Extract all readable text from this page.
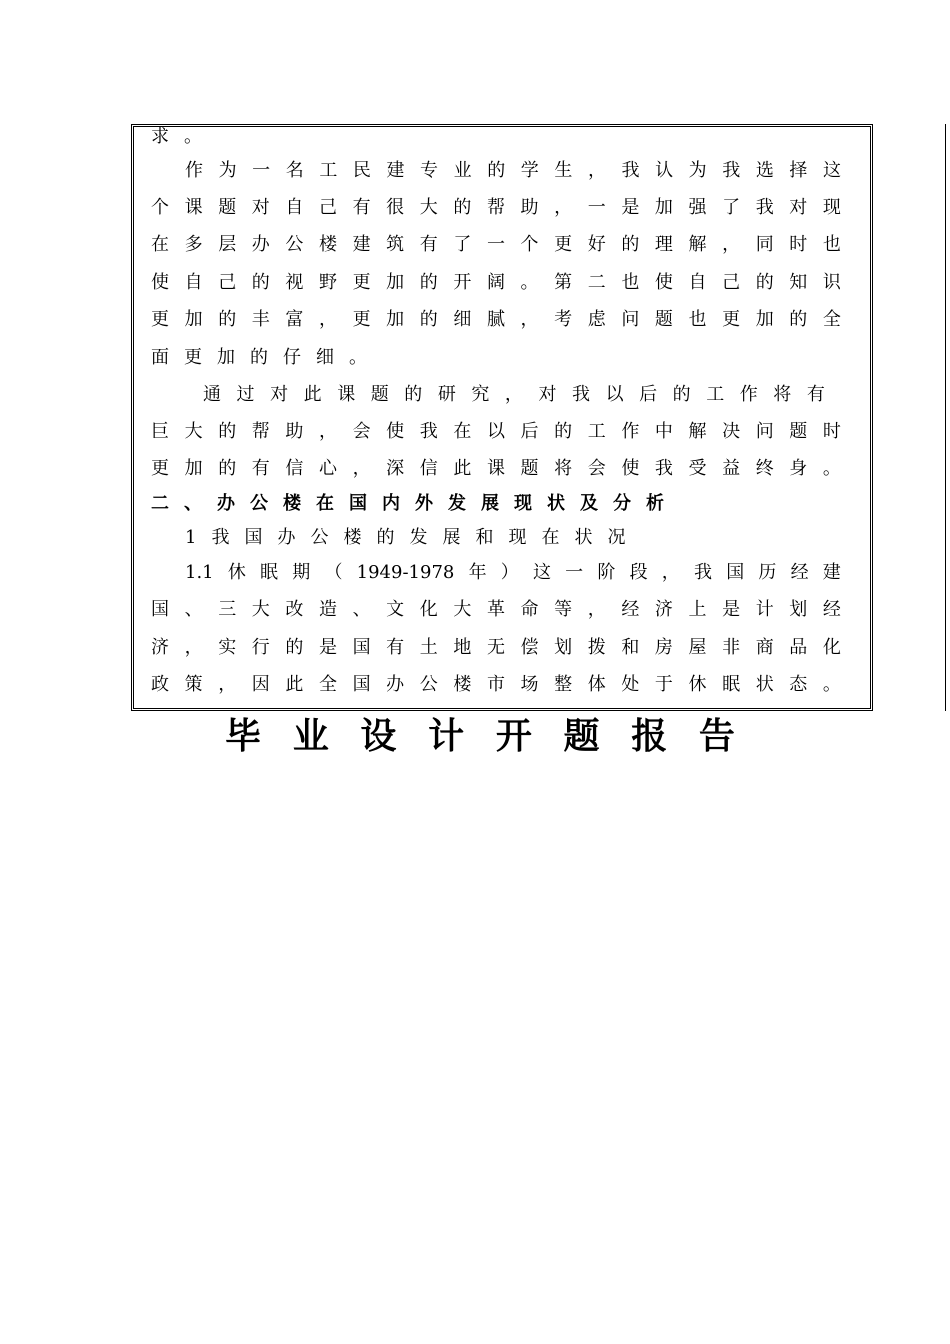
求 。
作 为 一 名 工 民 建 专 业 的 学 生 ， 我 认 为 我 选 择 这
个 课 题 对 自 己 有 很 大 的 帮 助 ， 一 是 加 强 了 我 对 现
在 多 层 办 公 楼 建 筑 有 了 一 个 更 好 的 理 解 ， 同 时 也
使 自 己 的 视 野 更 加 的 开 阔 。 第 二 也 使 自 己 的 知 识
更 加 的 丰 富 ， 更 加 的 细 腻 ， 考 虑 问 题 也 更 加 的 全
面 更 加 的 仔 细 。
通 过 对 此 课 题 的 研 究 ， 对 我 以 后 的 工 作 将 有
巨 大 的 帮 助 ， 会 使 我 在 以 后 的 工 作 中 解 决 问 题 时
更 加 的 有 信 心 ， 深 信 此 课 题 将 会 使 我 受 益 终 身 。
二 、 办 公 楼 在 国 内 外 发 展 现 状 及 分 析
1 我 国 办 公 楼 的 发 展 和 现 在 状 况
1.1 休 眠 期 （ 1949-1978 年 ） 这 一 阶 段 ， 我 国 历 经 建
国 、 三 大 改 造 、 文 化 大 革 命 等 ， 经 济 上 是 计 划 经
济 ， 实 行 的 是 国 有 土 地 无 偿 划 拨 和 房 屋 非 商 品 化
政 策 ， 因 此 全 国 办 公 楼 市 场 整 体 处 于 休 眠 状 态 。
毕 业 设 计 开 题 报 告
